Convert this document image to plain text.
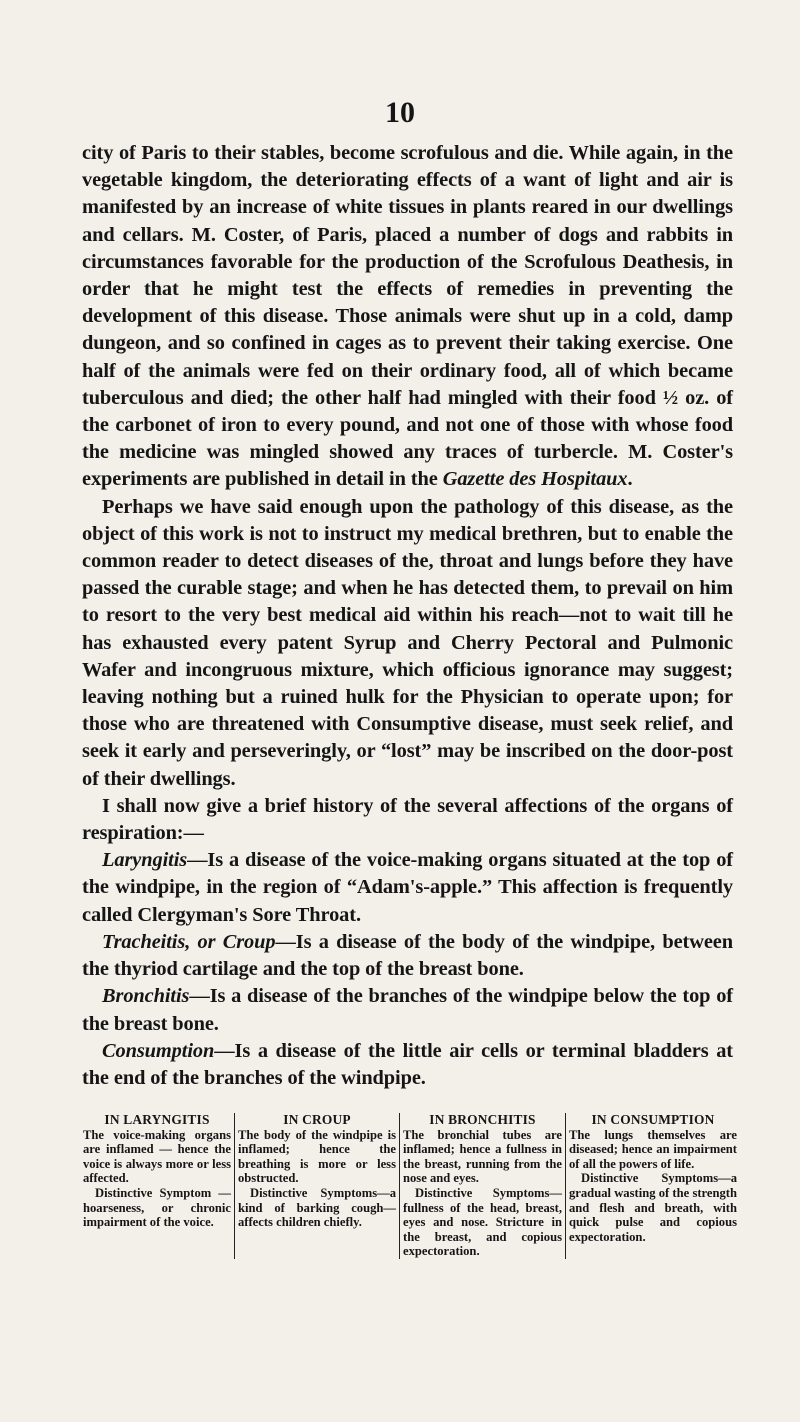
10

city of Paris to their stables, become scrofulous and die. While again, in the vegetable kingdom, the deteriorating effects of a want of light and air is manifested by an increase of white tissues in plants reared in our dwellings and cellars. M. Coster, of Paris, placed a number of dogs and rabbits in circumstances favorable for the production of the Scrofulous Deathesis, in order that he might test the effects of remedies in preventing the development of this disease. Those animals were shut up in a cold, damp dungeon, and so confined in cages as to prevent their taking exercise. One half of the animals were fed on their ordinary food, all of which became tuberculous and died; the other half had mingled with their food ½ oz. of the carbonet of iron to every pound, and not one of those with whose food the medicine was mingled showed any traces of turbercle. M. Coster's experiments are published in detail in the Gazette des Hospitaux.

Perhaps we have said enough upon the pathology of this disease, as the object of this work is not to instruct my medical brethren, but to enable the common reader to detect diseases of the, throat and lungs before they have passed the curable stage; and when he has detected them, to prevail on him to resort to the very best medical aid within his reach—not to wait till he has exhausted every patent Syrup and Cherry Pectoral and Pulmonic Wafer and incongruous mixture, which officious ignorance may suggest; leaving nothing but a ruined hulk for the Physician to operate upon; for those who are threatened with Consumptive disease, must seek relief, and seek it early and perseveringly, or “lost” may be inscribed on the door-post of their dwellings.

I shall now give a brief history of the several affections of the organs of respiration:—

Laryngitis—Is a disease of the voice-making organs situated at the top of the windpipe, in the region of “Adam's-apple.” This affection is frequently called Clergyman's Sore Throat.

Tracheitis, or Croup—Is a disease of the body of the windpipe, between the thyriod cartilage and the top of the breast bone.

Bronchitis—Is a disease of the branches of the windpipe below the top of the breast bone.

Consumption—Is a disease of the little air cells or terminal bladders at the end of the branches of the windpipe.

IN LARYNGITIS

The voice-making organs are inflamed — hence the voice is always more or less affected.

Distinctive Symptom —hoarseness, or chronic impairment of the voice.

IN CROUP

The body of the windpipe is inflamed; hence the breathing is more or less obstructed.

Distinctive Symptoms—a kind of barking cough—affects children chiefly.

IN BRONCHITIS

The bronchial tubes are inflamed; hence a fullness in the breast, running from the nose and eyes.

Distinctive Symptoms—fullness of the head, breast, eyes and nose. Stricture in the breast, and copious expectoration.

IN CONSUMPTION

The lungs themselves are diseased; hence an impairment of all the powers of life.

Distinctive Symptoms—a gradual wasting of the strength and flesh and breath, with quick pulse and copious expectoration.
